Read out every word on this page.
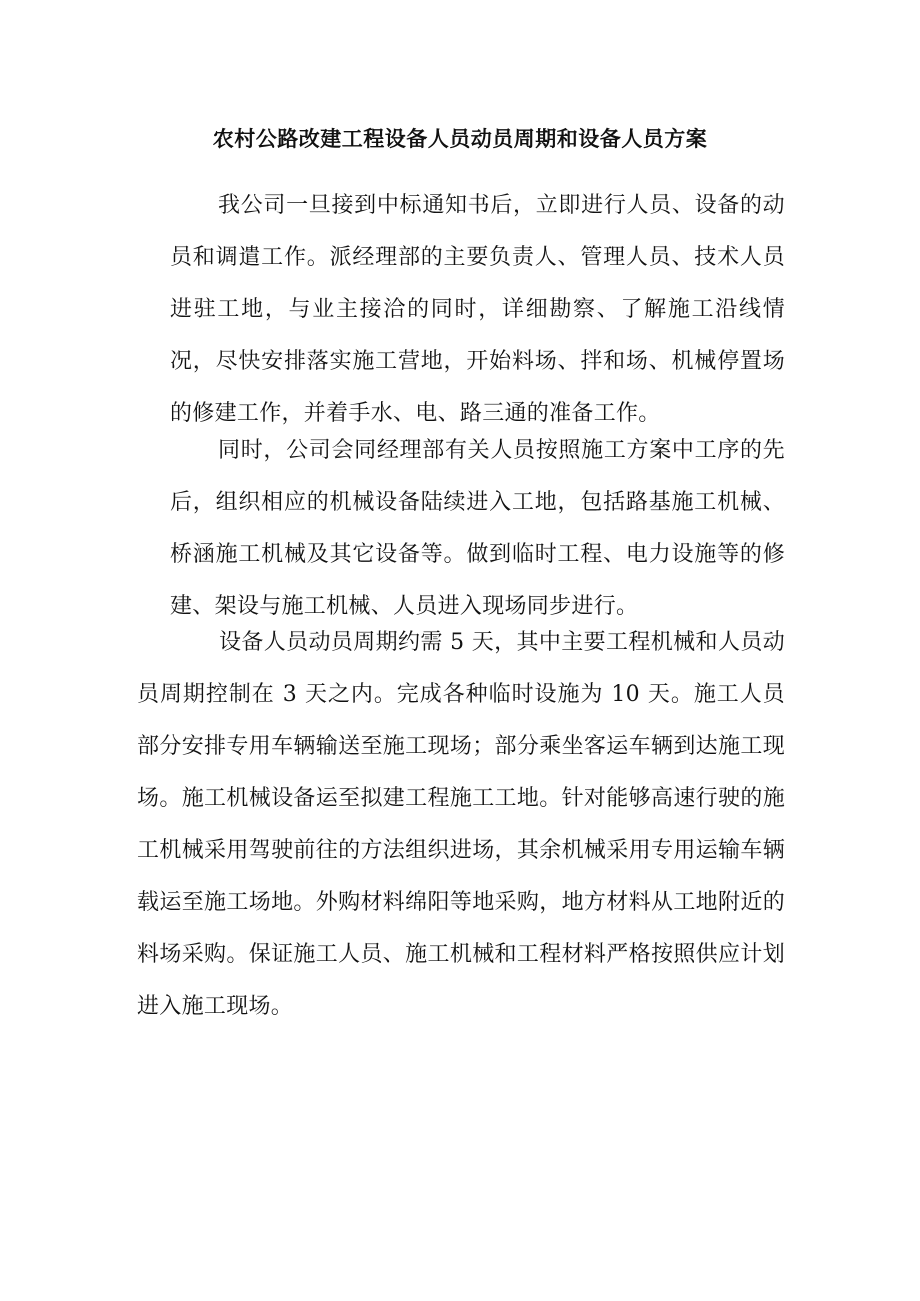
农村公路改建工程设备人员动员周期和设备人员方案

我公司一旦接到中标通知书后，立即进行人员、设备的动员和调遣工作。派经理部的主要负责人、管理人员、技术人员进驻工地，与业主接洽的同时，详细勘察、了解施工沿线情况，尽快安排落实施工营地，开始料场、拌和场、机械停置场的修建工作，并着手水、电、路三通的准备工作。

同时，公司会同经理部有关人员按照施工方案中工序的先后，组织相应的机械设备陆续进入工地，包括路基施工机械、桥涵施工机械及其它设备等。做到临时工程、电力设施等的修建、架设与施工机械、人员进入现场同步进行。

设备人员动员周期约需 5 天，其中主要工程机械和人员动员周期控制在 3 天之内。完成各种临时设施为 10 天。施工人员部分安排专用车辆输送至施工现场；部分乘坐客运车辆到达施工现场。施工机械设备运至拟建工程施工工地。针对能够高速行驶的施工机械采用驾驶前往的方法组织进场，其余机械采用专用运输车辆载运至施工场地。外购材料绵阳等地采购，地方材料从工地附近的料场采购。保证施工人员、施工机械和工程材料严格按照供应计划进入施工现场。
